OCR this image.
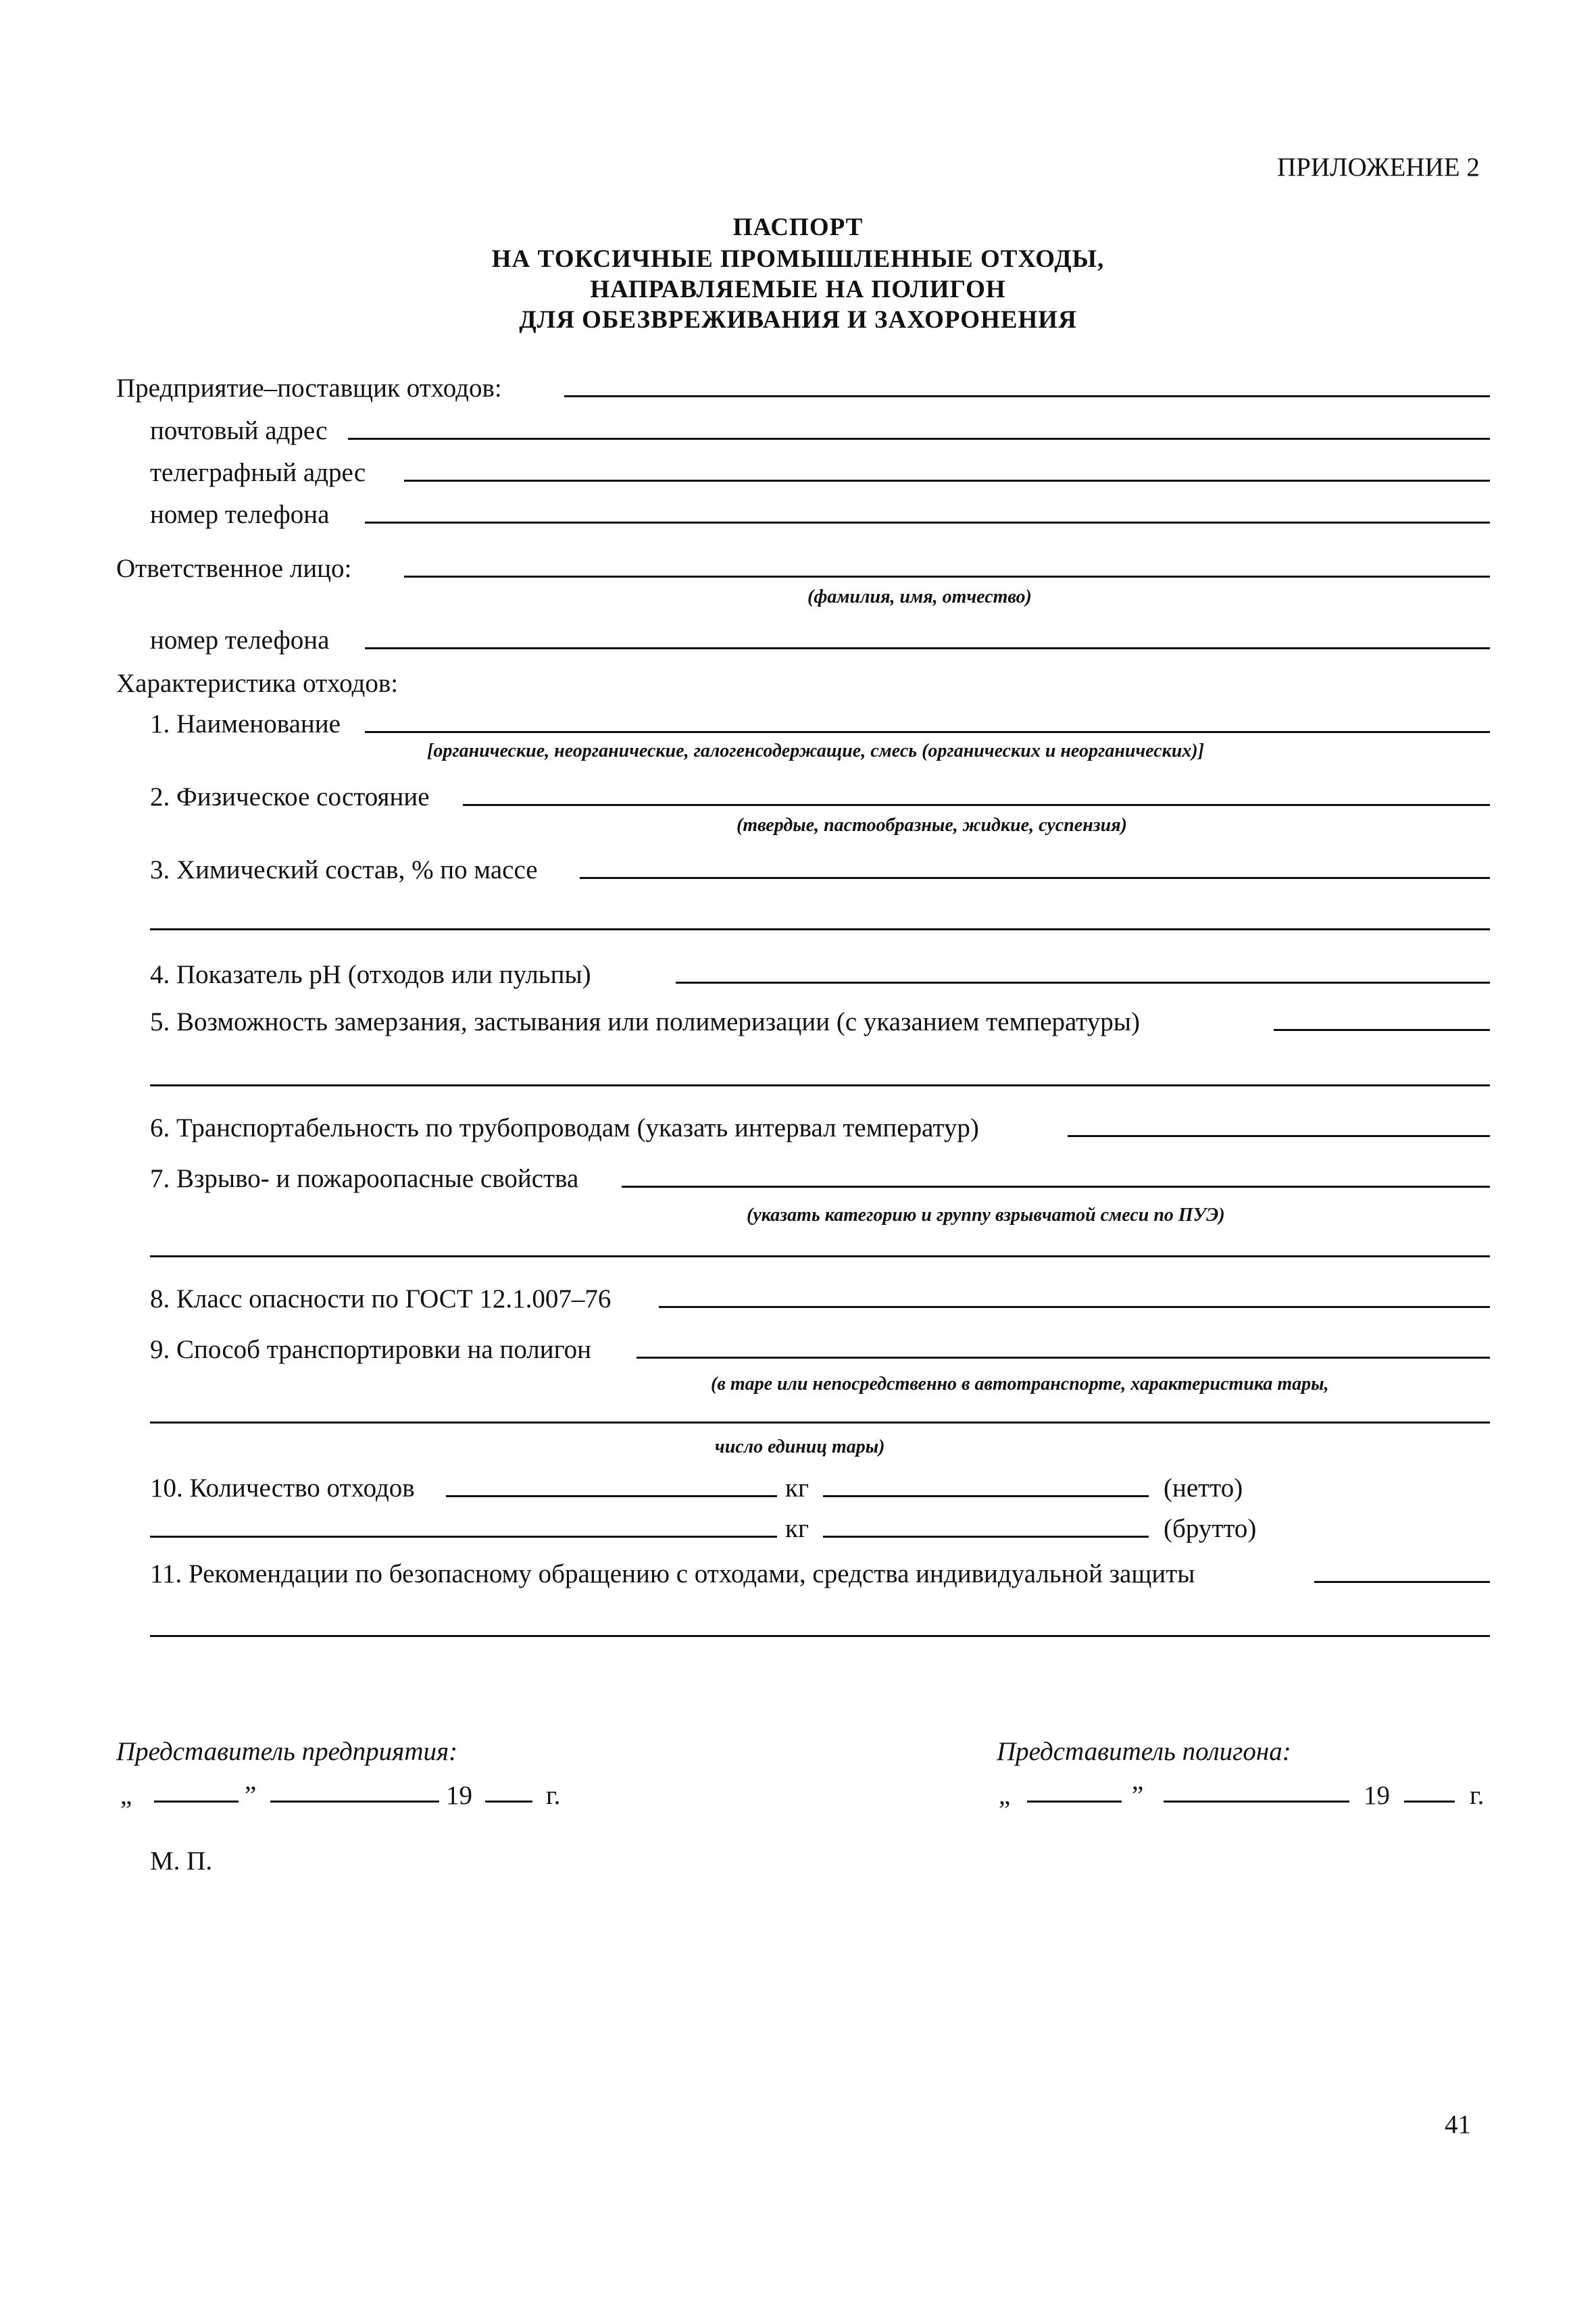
ПРИЛОЖЕНИЕ 2
ПАСПОРТ
НА ТОКСИЧНЫЕ ПРОМЫШЛЕННЫЕ ОТХОДЫ,
НАПРАВЛЯЕМЫЕ НА ПОЛИГОН
ДЛЯ ОБЕЗВРЕЖИВАНИЯ И ЗАХОРОНЕНИЯ
Предприятие–поставщик отходов:
почтовый адрес
телеграфный адрес
номер телефона
Ответственное лицо:
(фамилия, имя, отчество)
номер телефона
Характеристика отходов:
1. Наименование
[органические, неорганические, галогенсодержащие, смесь (органических и неорганических)]
2. Физическое состояние
(твердые, пастообразные, жидкие, суспензия)
3. Химический состав, % по массе
4. Показатель pH (отходов или пульпы)
5. Возможность замерзания, застывания или полимеризации (с указанием температуры)
6. Транспортабельность по трубопроводам (указать интервал температур)
7. Взрыво- и пожароопасные свойства
(указать категорию и группу взрывчатой смеси по ПУЭ)
8. Класс опасности по ГОСТ 12.1.007–76
9. Способ транспортировки на полигон
(в таре или непосредственно в автотранспорте, характеристика тары,
число единиц тары)
10. Количество отходов	кг	(нетто)
кг	(брутто)
11. Рекомендации по безопасному обращению с отходами, средства индивидуальной защиты
Представитель предприятия:
„	”	19	г.
Представитель полигона:
„	”	19	г.
М. П.
41
